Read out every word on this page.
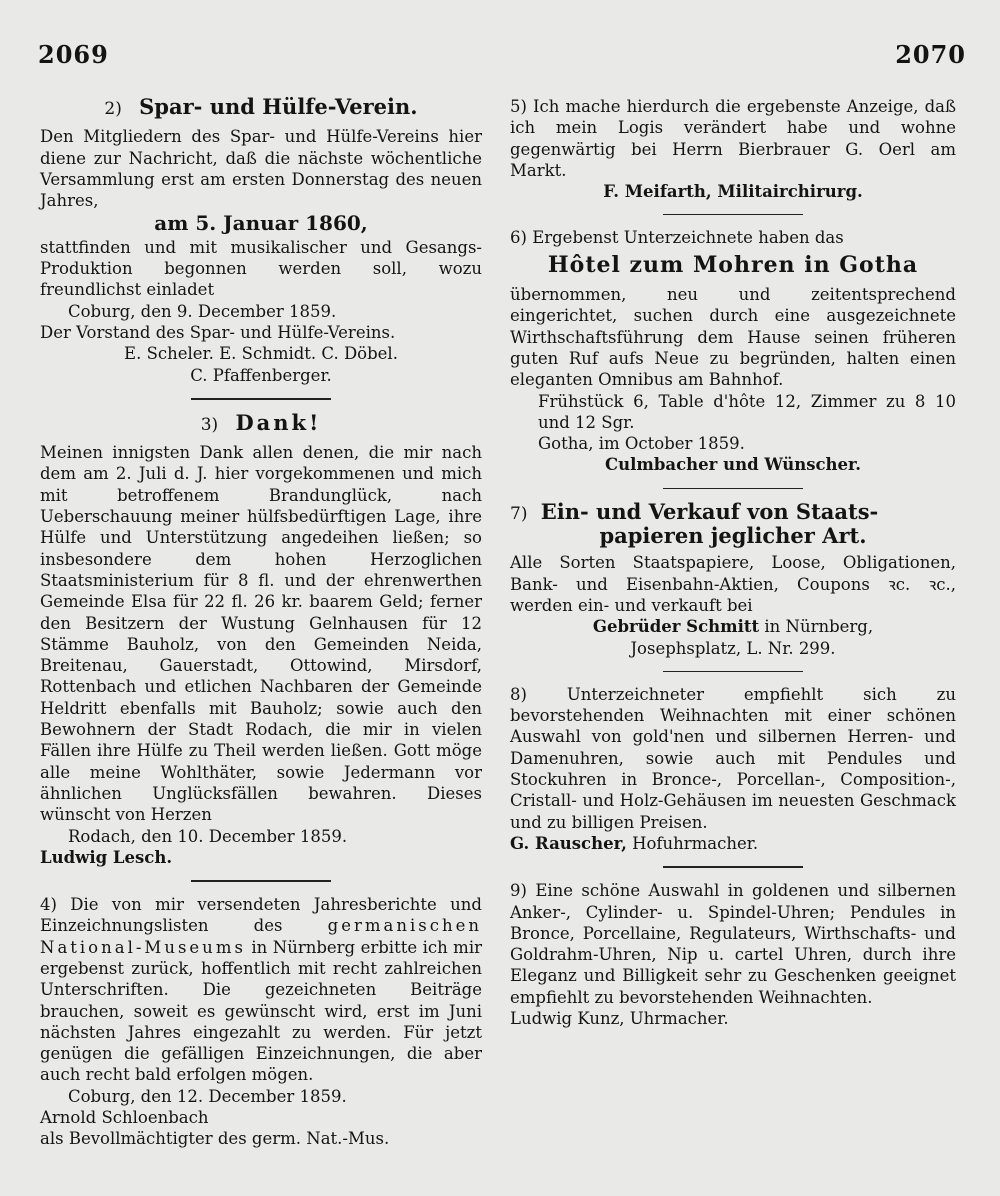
2069	2070
2) Spar- und Hülfe-Verein.

Den Mitgliedern des Spar- und Hülfe-Vereins hier diene zur Nachricht, daß die nächste wöchentliche Versammlung erst am ersten Donnerstag des neuen Jahres,

am 5. Januar 1860,

stattfinden und mit musikalischer und Gesangs-Produktion begonnen werden soll, wozu freundlichst einladet

Coburg, den 9. December 1859.

Der Vorstand des Spar- und Hülfe-Vereins.

E. Scheler. E. Schmidt. C. Döbel.

C. Pfaffenberger.

3) Dank!

Meinen innigsten Dank allen denen, die mir nach dem am 2. Juli d. J. hier vorgekommenen und mich mit betroffenem Brandunglück, nach Ueberschauung meiner hülfsbedürftigen Lage, ihre Hülfe und Unterstützung angedeihen ließen; so insbesondere dem hohen Herzoglichen Staatsministerium für 8 fl. und der ehrenwerthen Gemeinde Elsa für 22 fl. 26 kr. baarem Geld; ferner den Besitzern der Wustung Gelnhausen für 12 Stämme Bauholz, von den Gemeinden Neida, Breitenau, Gauerstadt, Ottowind, Mirsdorf, Rottenbach und etlichen Nachbaren der Gemeinde Heldritt ebenfalls mit Bauholz; sowie auch den Bewohnern der Stadt Rodach, die mir in vielen Fällen ihre Hülfe zu Theil werden ließen. Gott möge alle meine Wohlthäter, sowie Jedermann vor ähnlichen Unglücksfällen bewahren. Dieses wünscht von Herzen

Rodach, den 10. December 1859.

Ludwig Lesch.

4) Die von mir versendeten Jahresberichte und Einzeichnungslisten des germanischen National-Museums in Nürnberg erbitte ich mir ergebenst zurück, hoffentlich mit recht zahlreichen Unterschriften. Die gezeichneten Beiträge brauchen, soweit es gewünscht wird, erst im Juni nächsten Jahres eingezahlt zu werden. Für jetzt genügen die gefälligen Einzeichnungen, die aber auch recht bald erfolgen mögen.

Coburg, den 12. December 1859.

Arnold Schloenbach

als Bevollmächtigter des germ. Nat.-Mus.

5) Ich mache hierdurch die ergebenste Anzeige, daß ich mein Logis verändert habe und wohne gegenwärtig bei Herrn Bierbrauer G. Oerl am Markt.

F. Meifarth, Militairchirurg.

6) Ergebenst Unterzeichnete haben das

Hôtel zum Mohren in Gotha

übernommen, neu und zeitentsprechend eingerichtet, suchen durch eine ausgezeichnete Wirthschaftsführung dem Hause seinen früheren guten Ruf aufs Neue zu begründen, halten einen eleganten Omnibus am Bahnhof.

Frühstück 6, Table d'hôte 12, Zimmer zu 8 10 und 12 Sgr.

Gotha, im October 1859.

Culmbacher und Wünscher.

7) Ein- und Verkauf von Staats-
papieren jeglicher Art.

Alle Sorten Staatspapiere, Loose, Obligationen, Bank- und Eisenbahn-Aktien, Coupons ꝛc. ꝛc., werden ein- und verkauft bei

Gebrüder Schmitt in Nürnberg,

Josephsplatz, L. Nr. 299.

8) Unterzeichneter empfiehlt sich zu bevorstehenden Weihnachten mit einer schönen Auswahl von gold'nen und silbernen Herren- und Damenuhren, sowie auch mit Pendules und Stockuhren in Bronce-, Porcellan-, Composition-, Cristall- und Holz-Gehäusen im neuesten Geschmack und zu billigen Preisen.

G. Rauscher, Hofuhrmacher.

9) Eine schöne Auswahl in goldenen und silbernen Anker-, Cylinder- u. Spindel-Uhren; Pendules in Bronce, Porcellaine, Regulateurs, Wirthschafts- und Goldrahm-Uhren, Nip u. cartel Uhren, durch ihre Eleganz und Billigkeit sehr zu Geschenken geeignet empfiehlt zu bevorstehenden Weihnachten.

Ludwig Kunz, Uhrmacher.
